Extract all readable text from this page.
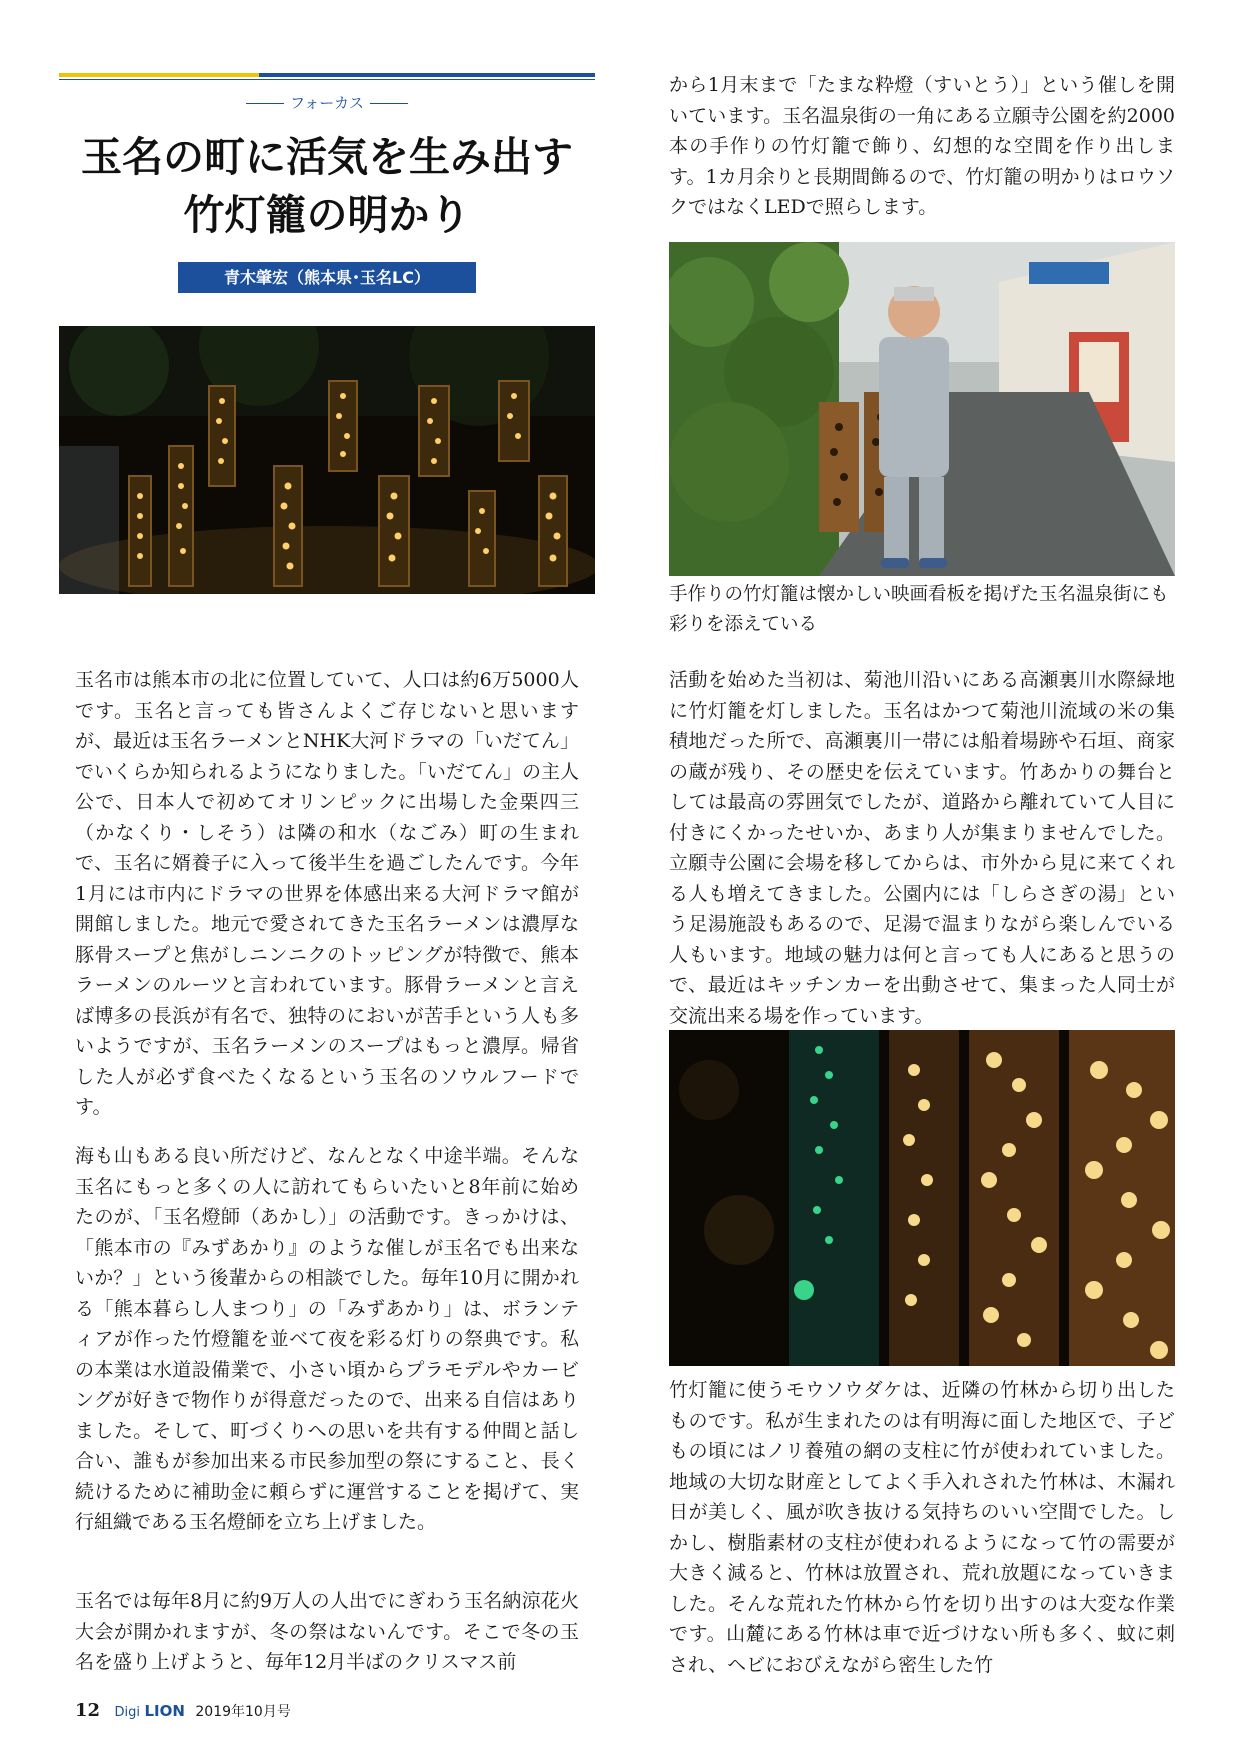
フォーカス
玉名の町に活気を生み出す
竹灯籠の明かり
青木肇宏（熊本県･玉名LC）

手作りの竹灯籠は懐かしい映画看板を掲げた玉名温泉街にも彩りを添えている

玉名市は熊本市の北に位置していて、人口は約6万5000人です。玉名と言っても皆さんよくご存じないと思いますが、最近は玉名ラーメンとNHK大河ドラマの「いだてん」でいくらか知られるようになりました。「いだてん」の主人公で、日本人で初めてオリンピックに出場した金栗四三（かなくり・しそう）は隣の和水（なごみ）町の生まれで、玉名に婿養子に入って後半生を過ごしたんです。今年1月には市内にドラマの世界を体感出来る大河ドラマ館が開館しました。地元で愛されてきた玉名ラーメンは濃厚な豚骨スープと焦がしニンニクのトッピングが特徴で、熊本ラーメンのルーツと言われています。豚骨ラーメンと言えば博多の長浜が有名で、独特のにおいが苦手という人も多いようですが、玉名ラーメンのスープはもっと濃厚。帰省した人が必ず食べたくなるという玉名のソウルフードです。

海も山もある良い所だけど、なんとなく中途半端。そんな玉名にもっと多くの人に訪れてもらいたいと8年前に始めたのが、「玉名燈師（あかし）」の活動です。きっかけは、「熊本市の『みずあかり』のような催しが玉名でも出来ないか？」という後輩からの相談でした。毎年10月に開かれる「熊本暮らし人まつり」の「みずあかり」は、ボランティアが作った竹燈籠を並べて夜を彩る灯りの祭典です。私の本業は水道設備業で、小さい頃からプラモデルやカービングが好きで物作りが得意だったので、出来る自信はありました。そして、町づくりへの思いを共有する仲間と話し合い、誰もが参加出来る市民参加型の祭にすること、長く続けるために補助金に頼らずに運営することを掲げて、実行組織である玉名燈師を立ち上げました。

玉名では毎年8月に約9万人の人出でにぎわう玉名納涼花火大会が開かれますが、冬の祭はないんです。そこで冬の玉名を盛り上げようと、毎年12月半ばのクリスマス前

から1月末まで「たまな粋燈（すいとう）」という催しを開いています。玉名温泉街の一角にある立願寺公園を約2000本の手作りの竹灯籠で飾り、幻想的な空間を作り出します。1カ月余りと長期間飾るので、竹灯籠の明かりはロウソクではなくLEDで照らします。

活動を始めた当初は、菊池川沿いにある高瀬裏川水際緑地に竹灯籠を灯しました。玉名はかつて菊池川流域の米の集積地だった所で、高瀬裏川一帯には船着場跡や石垣、商家の蔵が残り、その歴史を伝えています。竹あかりの舞台としては最高の雰囲気でしたが、道路から離れていて人目に付きにくかったせいか、あまり人が集まりませんでした。立願寺公園に会場を移してからは、市外から見に来てくれる人も増えてきました。公園内には「しらさぎの湯」という足湯施設もあるので、足湯で温まりながら楽しんでいる人もいます。地域の魅力は何と言っても人にあると思うので、最近はキッチンカーを出動させて、集まった人同士が交流出来る場を作っています。

竹灯籠に使うモウソウダケは、近隣の竹林から切り出したものです。私が生まれたのは有明海に面した地区で、子どもの頃にはノリ養殖の網の支柱に竹が使われていました。地域の大切な財産としてよく手入れされた竹林は、木漏れ日が美しく、風が吹き抜ける気持ちのいい空間でした。しかし、樹脂素材の支柱が使われるようになって竹の需要が大きく減ると、竹林は放置され、荒れ放題になっていきました。そんな荒れた竹林から竹を切り出すのは大変な作業です。山麓にある竹林は車で近づけない所も多く、蚊に刺され、ヘビにおびえながら密生した竹

12 Digi LION 2019年10月号
